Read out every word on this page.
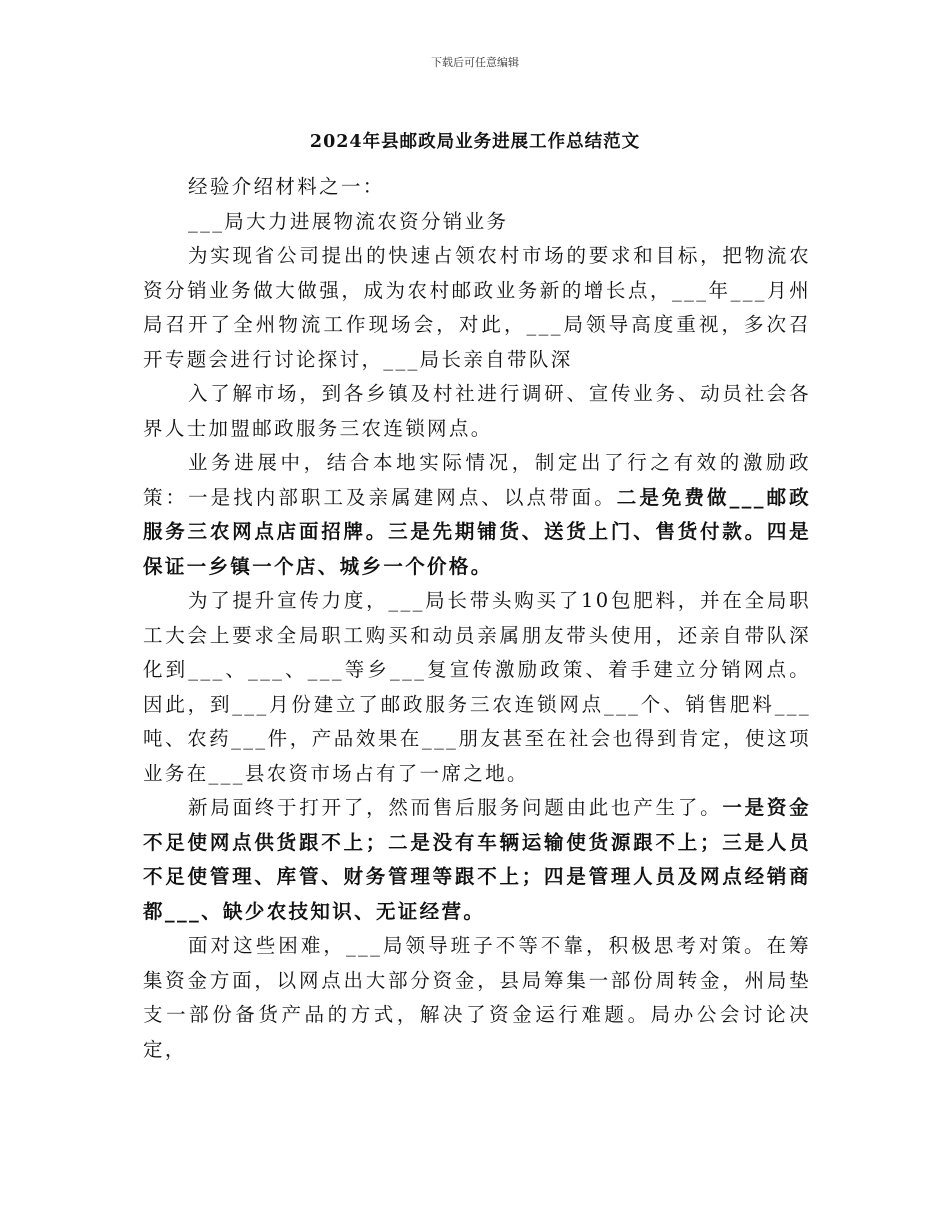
下载后可任意编辑
2024年县邮政局业务进展工作总结范文

经验介绍材料之一：

___局大力进展物流农资分销业务

为实现省公司提出的快速占领农村市场的要求和目标，把物流农资分销业务做大做强，成为农村邮政业务新的增长点，___年___月州局召开了全州物流工作现场会，对此，___局领导高度重视，多次召开专题会进行讨论探讨，___局长亲自带队深

入了解市场，到各乡镇及村社进行调研、宣传业务、动员社会各界人士加盟邮政服务三农连锁网点。

业务进展中，结合本地实际情况，制定出了行之有效的激励政策：一是找内部职工及亲属建网点、以点带面。二是免费做___邮政服务三农网点店面招牌。三是先期铺货、送货上门、售货付款。四是保证一乡镇一个店、城乡一个价格。

为了提升宣传力度，___局长带头购买了10包肥料，并在全局职工大会上要求全局职工购买和动员亲属朋友带头使用，还亲自带队深化到___、___、___等乡___复宣传激励政策、着手建立分销网点。因此，到___月份建立了邮政服务三农连锁网点___个、销售肥料___吨、农药___件，产品效果在___朋友甚至在社会也得到肯定，使这项业务在___县农资市场占有了一席之地。

新局面终于打开了，然而售后服务问题由此也产生了。一是资金不足使网点供货跟不上；二是没有车辆运输使货源跟不上；三是人员不足使管理、库管、财务管理等跟不上；四是管理人员及网点经销商都___、缺少农技知识、无证经营。

面对这些困难，___局领导班子不等不靠，积极思考对策。在筹集资金方面，以网点出大部分资金，县局筹集一部份周转金，州局垫支一部份备货产品的方式，解决了资金运行难题。局办公会讨论决定，
